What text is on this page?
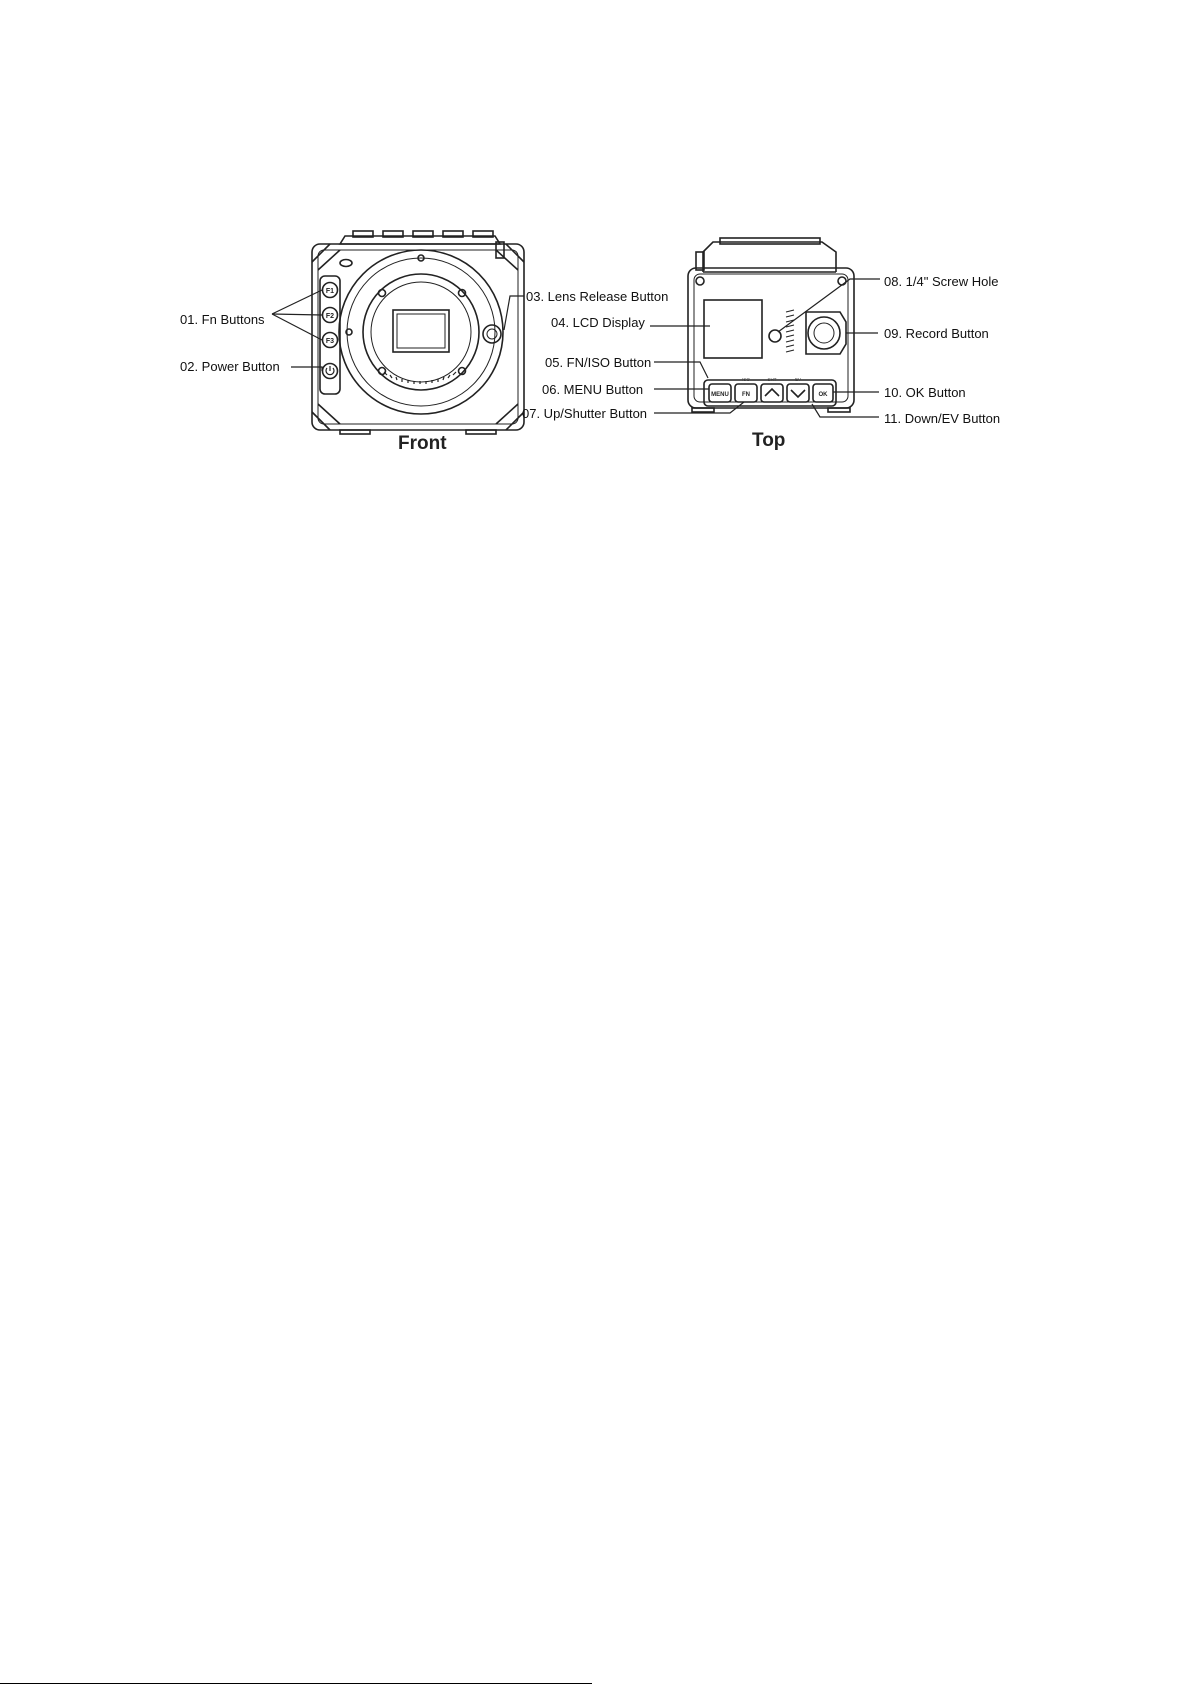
F1
F2
F3
MENU FN	OK
ISO	SHT	EV
01. Fn Buttons
02. Power Button
03. Lens Release Button
04. LCD Display
05. FN/ISO Button
06. MENU Button
07. Up/Shutter Button
08. 1/4" Screw Hole
09. Record Button
10. OK Button
11. Down/EV Button
Front	Top
